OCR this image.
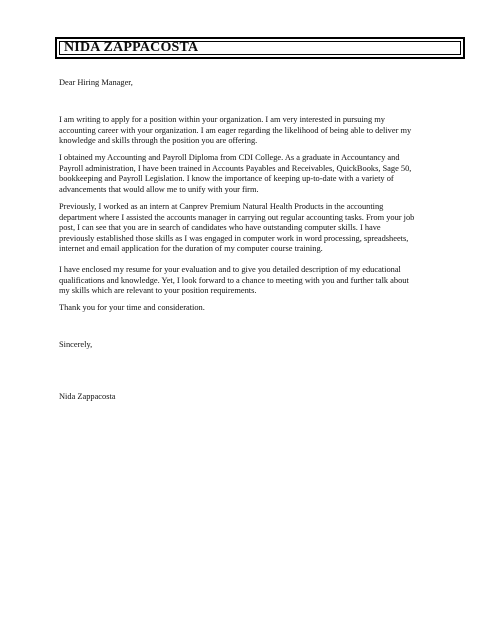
NIDA ZAPPACOSTA
Dear Hiring Manager,
I am writing to apply for a position within your organization. I am very interested in pursuing my
accounting career with your organization. I am eager regarding the likelihood of being able to deliver my
knowledge and skills through the position you are offering.
I obtained my Accounting and Payroll Diploma from CDI College. As a graduate in Accountancy and
Payroll administration, I have been trained in Accounts Payables and Receivables, QuickBooks, Sage 50,
bookkeeping and Payroll Legislation. I know the importance of keeping up-to-date with a variety of
advancements that would allow me to unify with your firm.
Previously, I worked as an intern at Canprev Premium Natural Health Products in the accounting
department where I assisted the accounts manager in carrying out regular accounting tasks. From your job
post, I can see that you are in search of candidates who have outstanding computer skills. I have
previously established those skills as I was engaged in computer work in word processing, spreadsheets,
internet and email application for the duration of my computer course training.
I have enclosed my resume for your evaluation and to give you detailed description of my educational
qualifications and knowledge. Yet, I look forward to a chance to meeting with you and further talk about
my skills which are relevant to your position requirements.
Thank you for your time and consideration.
Sincerely,
Nida Zappacosta
